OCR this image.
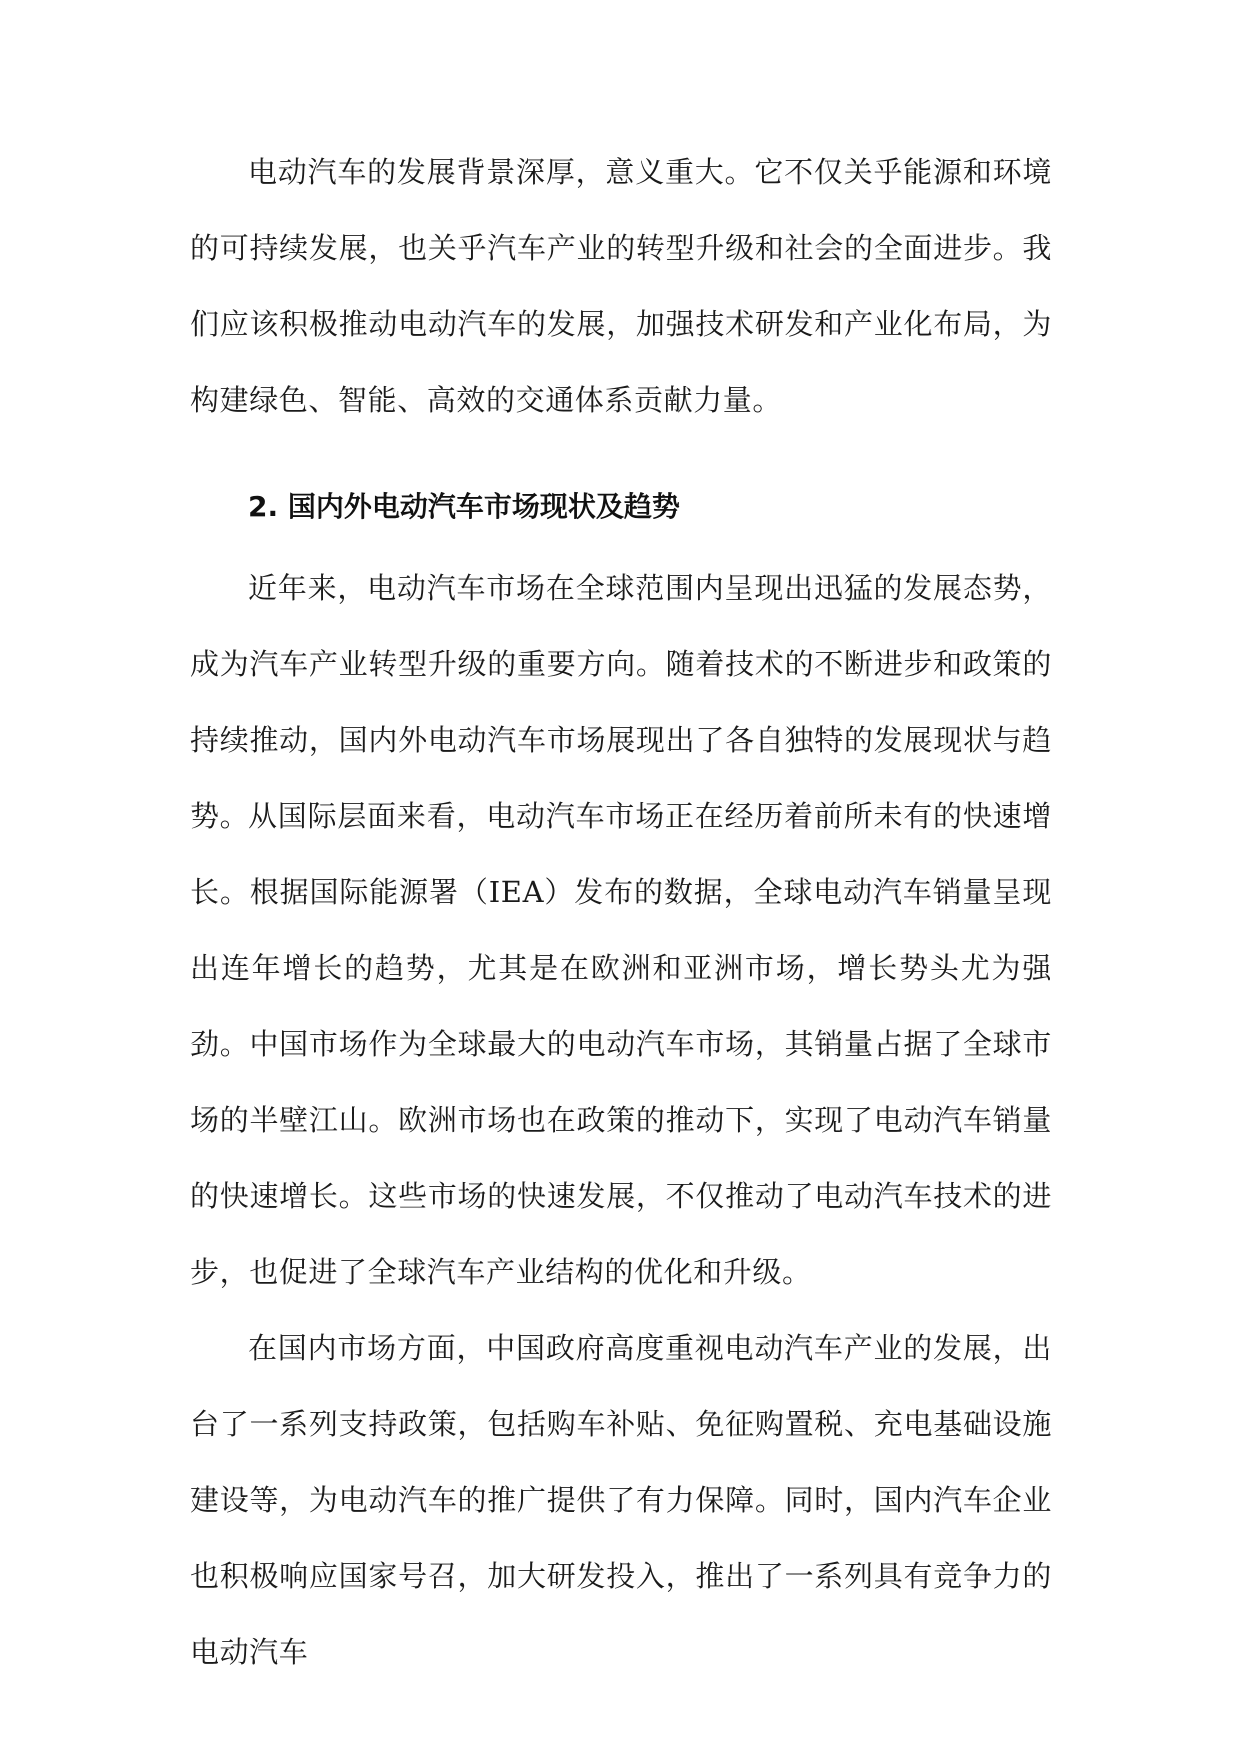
电动汽车的发展背景深厚，意义重大。它不仅关乎能源和环境的可持续发展，也关乎汽车产业的转型升级和社会的全面进步。我们应该积极推动电动汽车的发展，加强技术研发和产业化布局，为构建绿色、智能、高效的交通体系贡献力量。

2. 国内外电动汽车市场现状及趋势

近年来，电动汽车市场在全球范围内呈现出迅猛的发展态势，成为汽车产业转型升级的重要方向。随着技术的不断进步和政策的持续推动，国内外电动汽车市场展现出了各自独特的发展现状与趋势。

从国际层面来看，电动汽车市场正在经历着前所未有的快速增长。根据国际能源署（IEA）发布的数据，全球电动汽车销量呈现出连年增长的趋势，尤其是在欧洲和亚洲市场，增长势头尤为强劲。中国市场作为全球最大的电动汽车市场，其销量占据了全球市场的半壁江山。欧洲市场也在政策的推动下，实现了电动汽车销量的快速增长。这些市场的快速发展，不仅推动了电动汽车技术的进步，也促进了全球汽车产业结构的优化和升级。

在国内市场方面，中国政府高度重视电动汽车产业的发展，出台了一系列支持政策，包括购车补贴、免征购置税、充电基础设施建设等，为电动汽车的推广提供了有力保障。同时，国内汽车企业也积极响应国家号召，加大研发投入，推出了一系列具有竞争力的电动汽车
